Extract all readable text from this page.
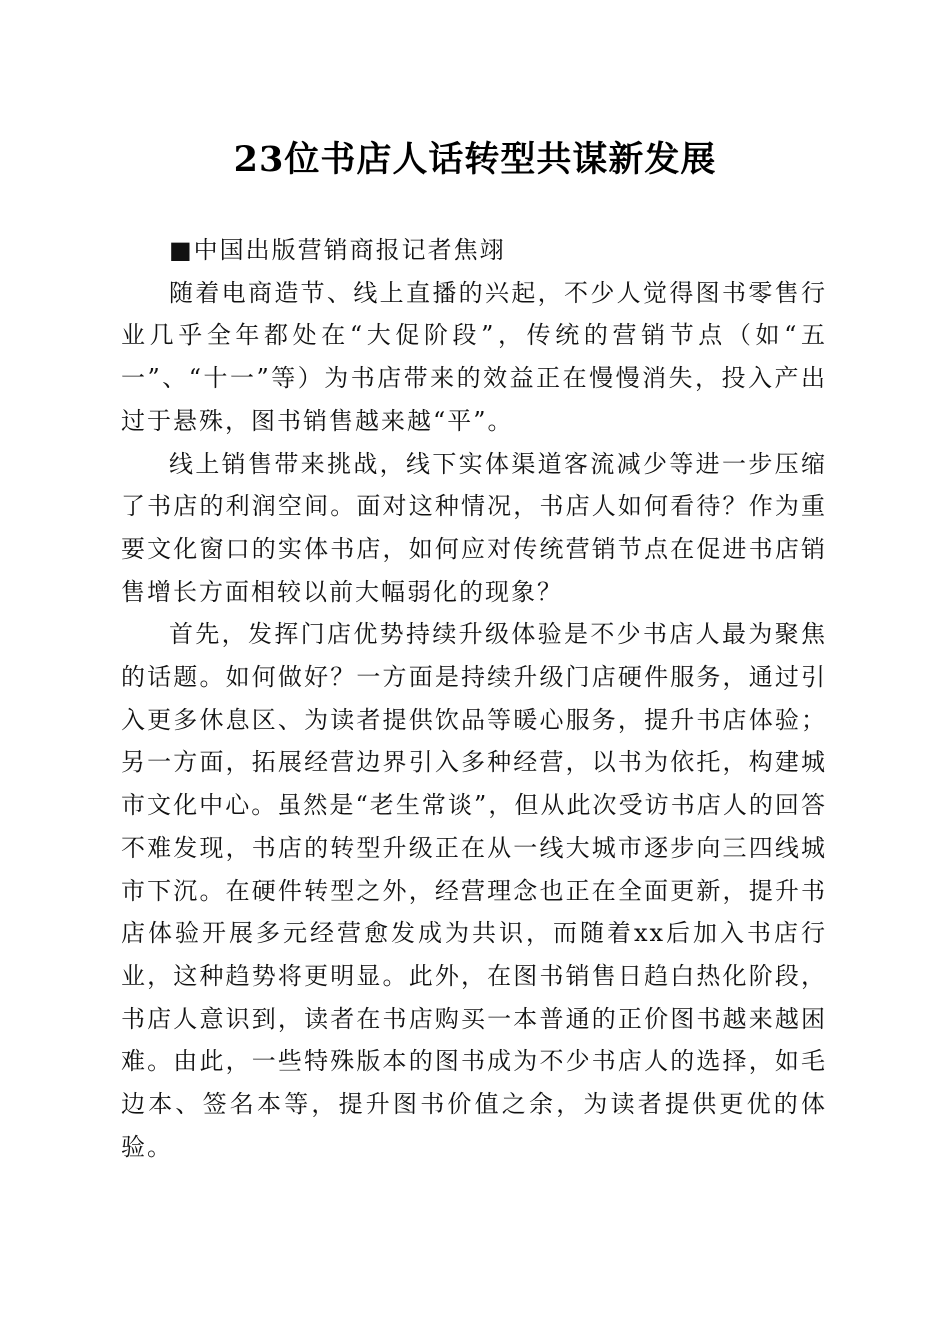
23位书店人话转型共谋新发展

■中国出版营销商报记者焦翊

随着电商造节、线上直播的兴起，不少人觉得图书零售行业几乎全年都处在“大促阶段”，传统的营销节点（如“五一”、“十一”等）为书店带来的效益正在慢慢消失，投入产出过于悬殊，图书销售越来越“平”。

线上销售带来挑战，线下实体渠道客流减少等进一步压缩了书店的利润空间。面对这种情况，书店人如何看待？作为重要文化窗口的实体书店，如何应对传统营销节点在促进书店销售增长方面相较以前大幅弱化的现象？

首先，发挥门店优势持续升级体验是不少书店人最为聚焦的话题。如何做好？一方面是持续升级门店硬件服务，通过引入更多休息区、为读者提供饮品等暖心服务，提升书店体验；另一方面，拓展经营边界引入多种经营，以书为依托，构建城市文化中心。虽然是“老生常谈”，但从此次受访书店人的回答不难发现，书店的转型升级正在从一线大城市逐步向三四线城市下沉。在硬件转型之外，经营理念也正在全面更新，提升书店体验开展多元经营愈发成为共识，而随着xx后加入书店行业，这种趋势将更明显。此外，在图书销售日趋白热化阶段，书店人意识到，读者在书店购买一本普通的正价图书越来越困难。由此，一些特殊版本的图书成为不少书店人的选择，如毛边本、签名本等，提升图书价值之余，为读者提供更优的体验。
